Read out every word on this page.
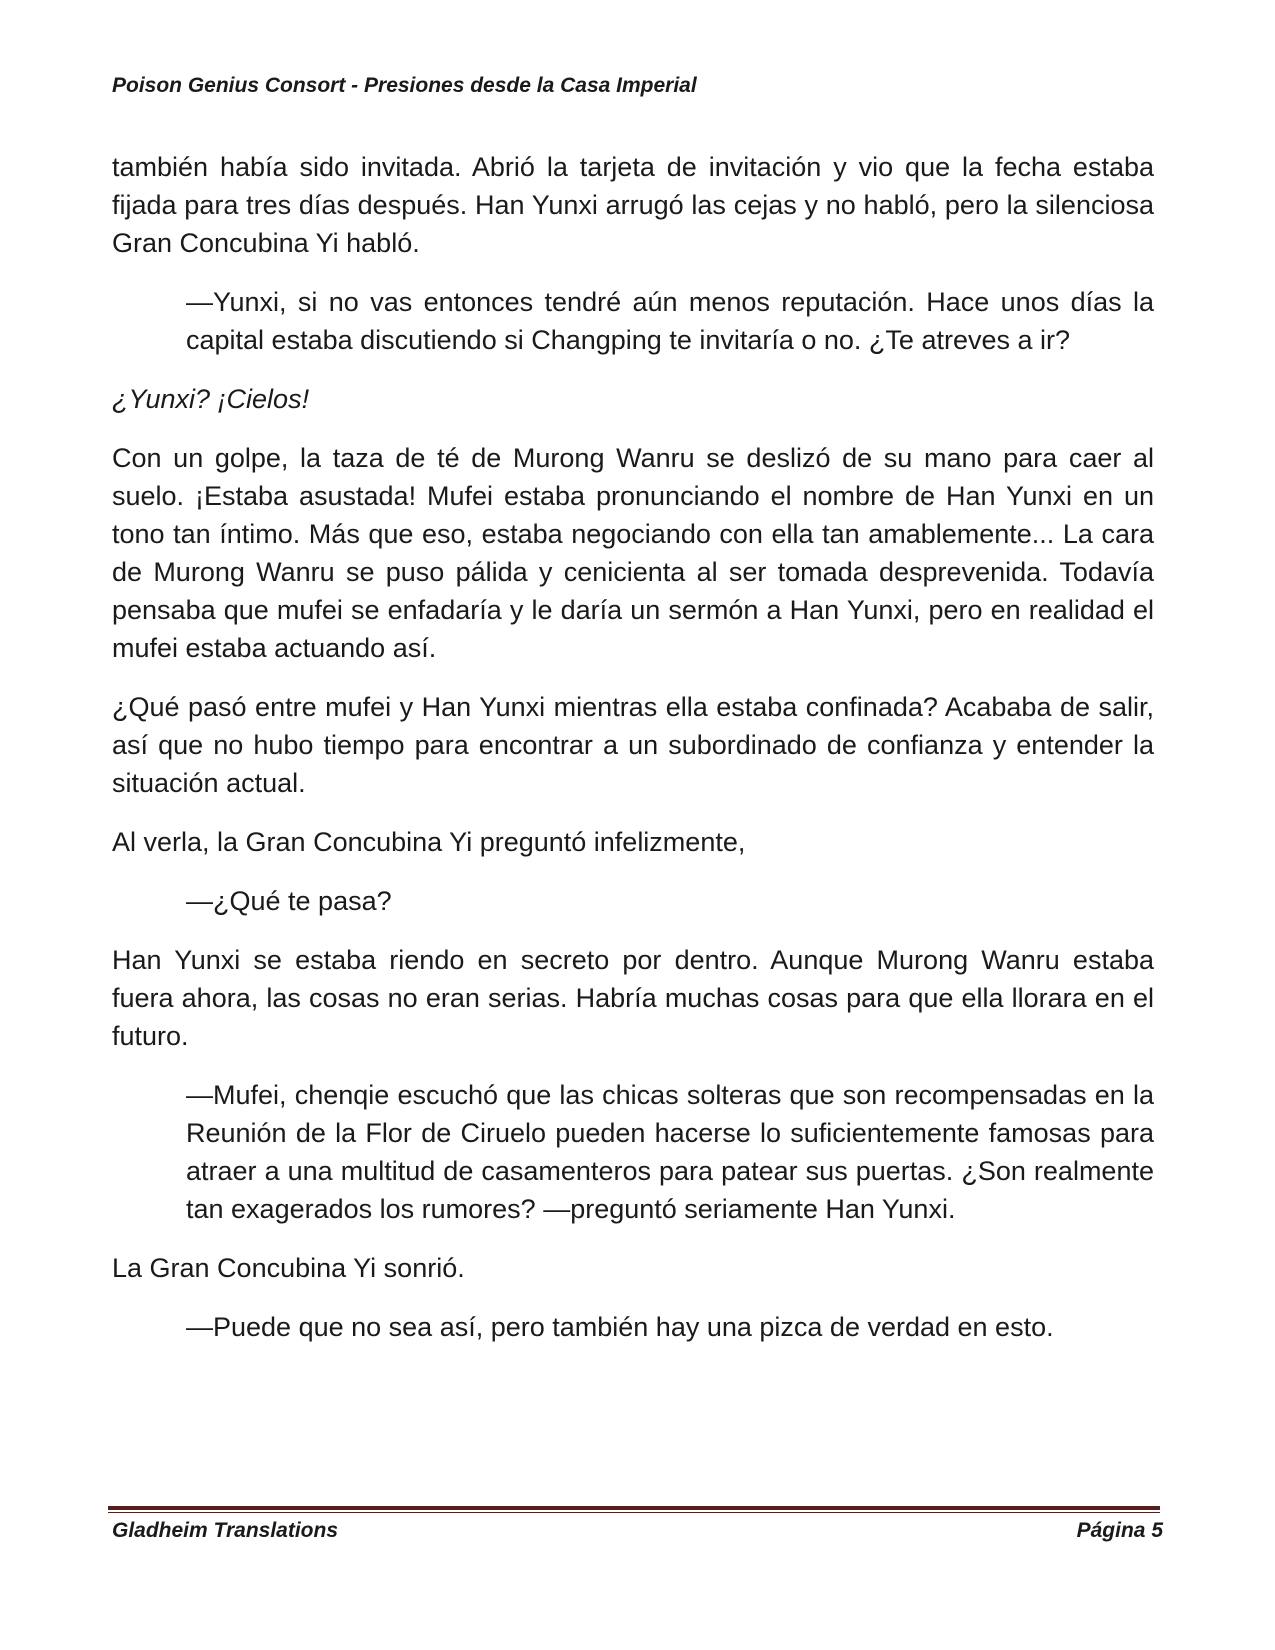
Poison Genius Consort - Presiones desde la Casa Imperial

también había sido invitada. Abrió la tarjeta de invitación y vio que la fecha estaba fijada para tres días después. Han Yunxi arrugó las cejas y no habló, pero la silenciosa Gran Concubina Yi habló.

—Yunxi, si no vas entonces tendré aún menos reputación. Hace unos días la capital estaba discutiendo si Changping te invitaría o no. ¿Te atreves a ir?

¿Yunxi? ¡Cielos!

Con un golpe, la taza de té de Murong Wanru se deslizó de su mano para caer al suelo. ¡Estaba asustada! Mufei estaba pronunciando el nombre de Han Yunxi en un tono tan íntimo. Más que eso, estaba negociando con ella tan amablemente... La cara de Murong Wanru se puso pálida y cenicienta al ser tomada desprevenida. Todavía pensaba que mufei se enfadaría y le daría un sermón a Han Yunxi, pero en realidad el mufei estaba actuando así.

¿Qué pasó entre mufei y Han Yunxi mientras ella estaba confinada? Acababa de salir, así que no hubo tiempo para encontrar a un subordinado de confianza y entender la situación actual.

Al verla, la Gran Concubina Yi preguntó infelizmente,

—¿Qué te pasa?

Han Yunxi se estaba riendo en secreto por dentro. Aunque Murong Wanru estaba fuera ahora, las cosas no eran serias. Habría muchas cosas para que ella llorara en el futuro.

—Mufei, chenqie escuchó que las chicas solteras que son recompensadas en la Reunión de la Flor de Ciruelo pueden hacerse lo suficientemente famosas para atraer a una multitud de casamenteros para patear sus puertas. ¿Son realmente tan exagerados los rumores? —preguntó seriamente Han Yunxi.

La Gran Concubina Yi sonrió.

—Puede que no sea así, pero también hay una pizca de verdad en esto.

Gladheim Translations	Página 5
